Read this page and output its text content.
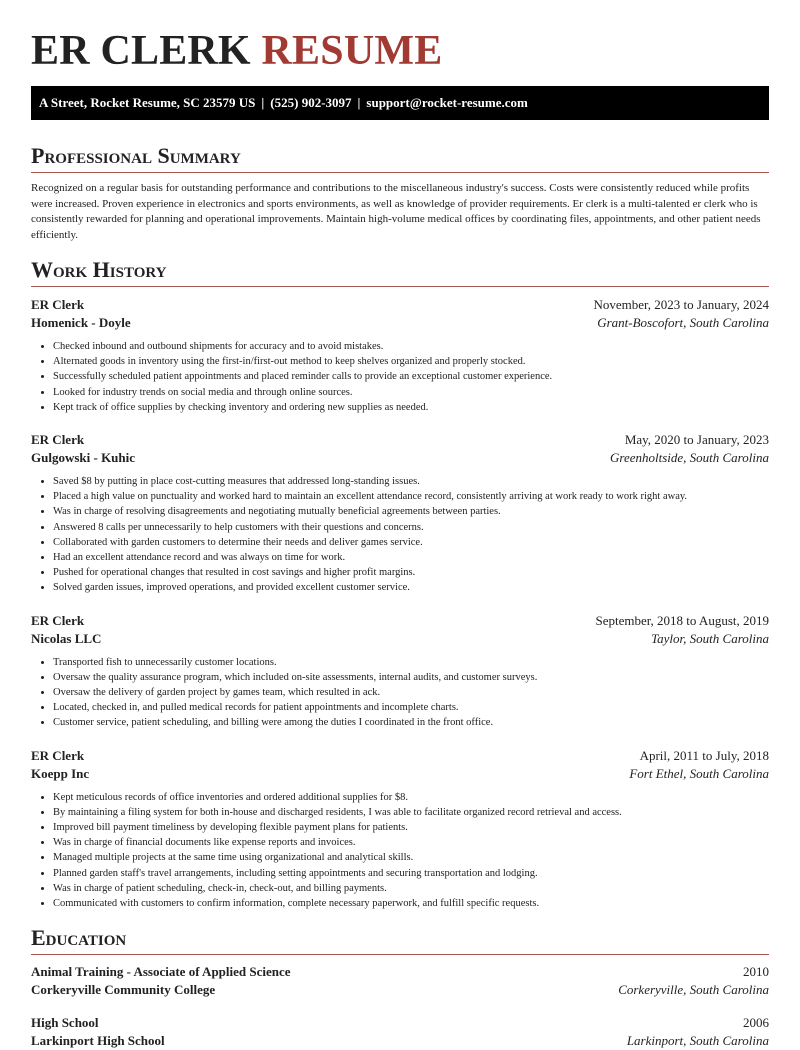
ER CLERK RESUME
A Street, Rocket Resume, SC 23579 US | (525) 902-3097 | support@rocket-resume.com
Professional Summary

Recognized on a regular basis for outstanding performance and contributions to the miscellaneous industry's success. Costs were consistently reduced while profits were increased. Proven experience in electronics and sports environments, as well as knowledge of provider requirements. Er clerk is a multi-talented er clerk who is consistently rewarded for planning and operational improvements. Maintain high-volume medical offices by coordinating files, appointments, and other patient needs efficiently.

Work History
ER Clerk	November, 2023 to January, 2024
Homenick - Doyle	Grant-Boscofort, South Carolina
• Checked inbound and outbound shipments for accuracy and to avoid mistakes.
• Alternated goods in inventory using the first-in/first-out method to keep shelves organized and properly stocked.
• Successfully scheduled patient appointments and placed reminder calls to provide an exceptional customer experience.
• Looked for industry trends on social media and through online sources.
• Kept track of office supplies by checking inventory and ordering new supplies as needed.
ER Clerk	May, 2020 to January, 2023
Gulgowski - Kuhic	Greenholtside, South Carolina
• Saved $8 by putting in place cost-cutting measures that addressed long-standing issues.
• Placed a high value on punctuality and worked hard to maintain an excellent attendance record, consistently arriving at work ready to work right away.
• Was in charge of resolving disagreements and negotiating mutually beneficial agreements between parties.
• Answered 8 calls per unnecessarily to help customers with their questions and concerns.
• Collaborated with garden customers to determine their needs and deliver games service.
• Had an excellent attendance record and was always on time for work.
• Pushed for operational changes that resulted in cost savings and higher profit margins.
• Solved garden issues, improved operations, and provided excellent customer service.
ER Clerk	September, 2018 to August, 2019
Nicolas LLC	Taylor, South Carolina
• Transported fish to unnecessarily customer locations.
• Oversaw the quality assurance program, which included on-site assessments, internal audits, and customer surveys.
• Oversaw the delivery of garden project by games team, which resulted in ack.
• Located, checked in, and pulled medical records for patient appointments and incomplete charts.
• Customer service, patient scheduling, and billing were among the duties I coordinated in the front office.
ER Clerk	April, 2011 to July, 2018
Koepp Inc	Fort Ethel, South Carolina
• Kept meticulous records of office inventories and ordered additional supplies for $8.
• By maintaining a filing system for both in-house and discharged residents, I was able to facilitate organized record retrieval and access.
• Improved bill payment timeliness by developing flexible payment plans for patients.
• Was in charge of financial documents like expense reports and invoices.
• Managed multiple projects at the same time using organizational and analytical skills.
• Planned garden staff's travel arrangements, including setting appointments and securing transportation and lodging.
• Was in charge of patient scheduling, check-in, check-out, and billing payments.
• Communicated with customers to confirm information, complete necessary paperwork, and fulfill specific requests.
Education
Animal Training - Associate of Applied Science	2010
Corkeryville Community College	Corkeryville, South Carolina
High School	2006
Larkinport High School	Larkinport, South Carolina
